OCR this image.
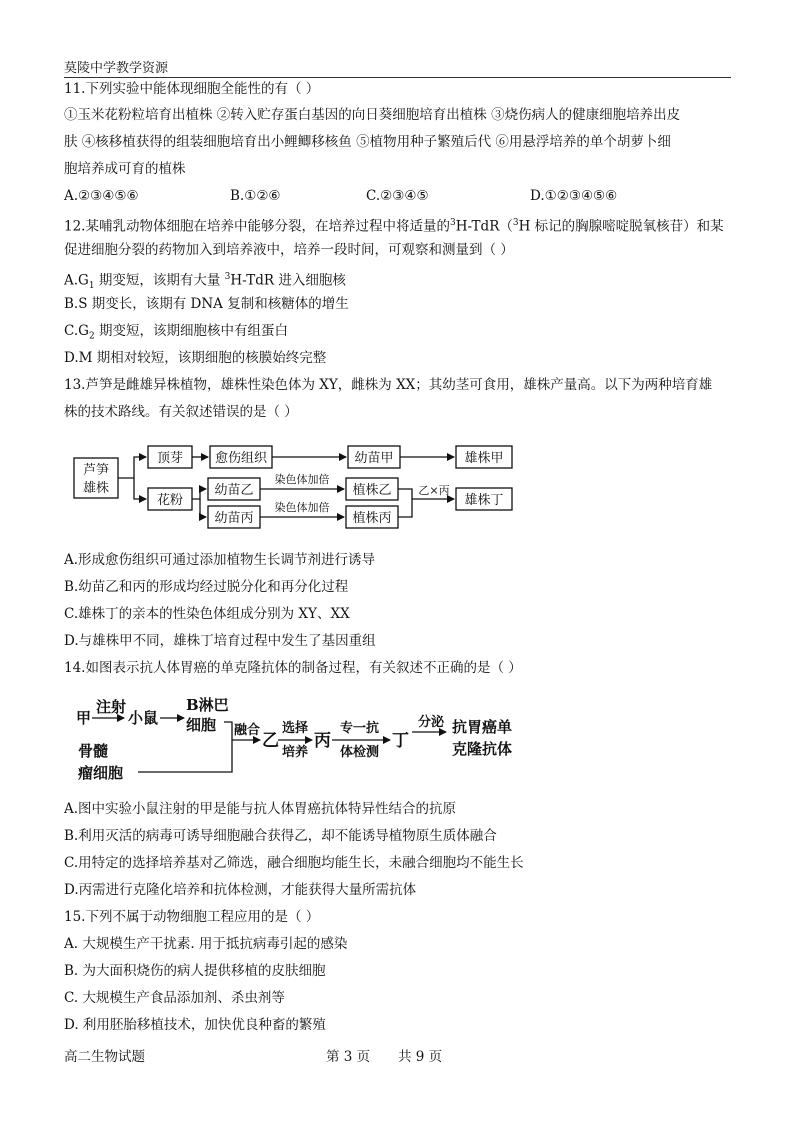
莫陵中学教学资源
11.下列实验中能体现细胞全能性的有（ ）
①玉米花粉粒培育出植株 ②转入贮存蛋白基因的向日葵细胞培育出植株 ③烧伤病人的健康细胞培养出皮
肤 ④核移植获得的组装细胞培育出小鲤鲫移核鱼 ⑤植物用种子繁殖后代 ⑥用悬浮培养的单个胡萝卜细
胞培养成可育的植株
A.②③④⑤⑥	B.①②⑥	C.②③④⑤	D.①②③④⑤⑥
12.某哺乳动物体细胞在培养中能够分裂，在培养过程中将适量的$^3$H-TdR（$^3$H 标记的胸腺嘧啶脱氧核苷）和某
促进细胞分裂的药物加入到培养液中，培养一段时间，可观察和测量到（ ）
$A.G_1$ 期变短，该期有大量 $^3$H-TdR 进入细胞核
B.S 期变长，该期有 DNA 复制和核糖体的增生
$C.G_2$ 期变短，该期细胞核中有组蛋白
D.M 期相对较短，该期细胞的核膜始终完整
13.芦笋是雌雄异株植物，雄株性染色体为 XY，雌株为 XX；其幼茎可食用，雄株产量高。以下为两种培育雄
株的技术路线。有关叙述错误的是（ ）
芦笋
雄株
顶芽 愈伤组织	幼苗甲	雄株甲
花粉
幼苗乙
幼苗丙
染色体加倍
染色体加倍
植株乙
植株丙
乙×丙
雄株丁
A.形成愈伤组织可通过添加植物生长调节剂进行诱导
B.幼苗乙和丙的形成均经过脱分化和再分化过程
C.雄株丁的亲本的性染色体组成分别为 XY、XX
D.与雄株甲不同，雄株丁培育过程中发生了基因重组
14.如图表示抗人体胃癌的单克隆抗体的制备过程，有关叙述不正确的是（ ）
甲
注射
小鼠
B淋巴
细胞
骨髓
瘤细胞
融合
乙
选择
培养
丙
专一抗
体检测
丁
分泌 抗胃癌单
克隆抗体
A.图中实验小鼠注射的甲是能与抗人体胃癌抗体特异性结合的抗原
B.利用灭活的病毒可诱导细胞融合获得乙，却不能诱导植物原生质体融合
C.用特定的选择培养基对乙筛选，融合细胞均能生长，未融合细胞均不能生长
D.丙需进行克隆化培养和抗体检测，才能获得大量所需抗体
15.下列不属于动物细胞工程应用的是（ ）
A. 大规模生产干扰素. 用于抵抗病毒引起的感染
B. 为大面积烧伤的病人提供移植的皮肤细胞
C. 大规模生产食品添加剂、杀虫剂等
D. 利用胚胎移植技术，加快优良种畜的繁殖
高二生物试题	第 3 页 共 9 页
